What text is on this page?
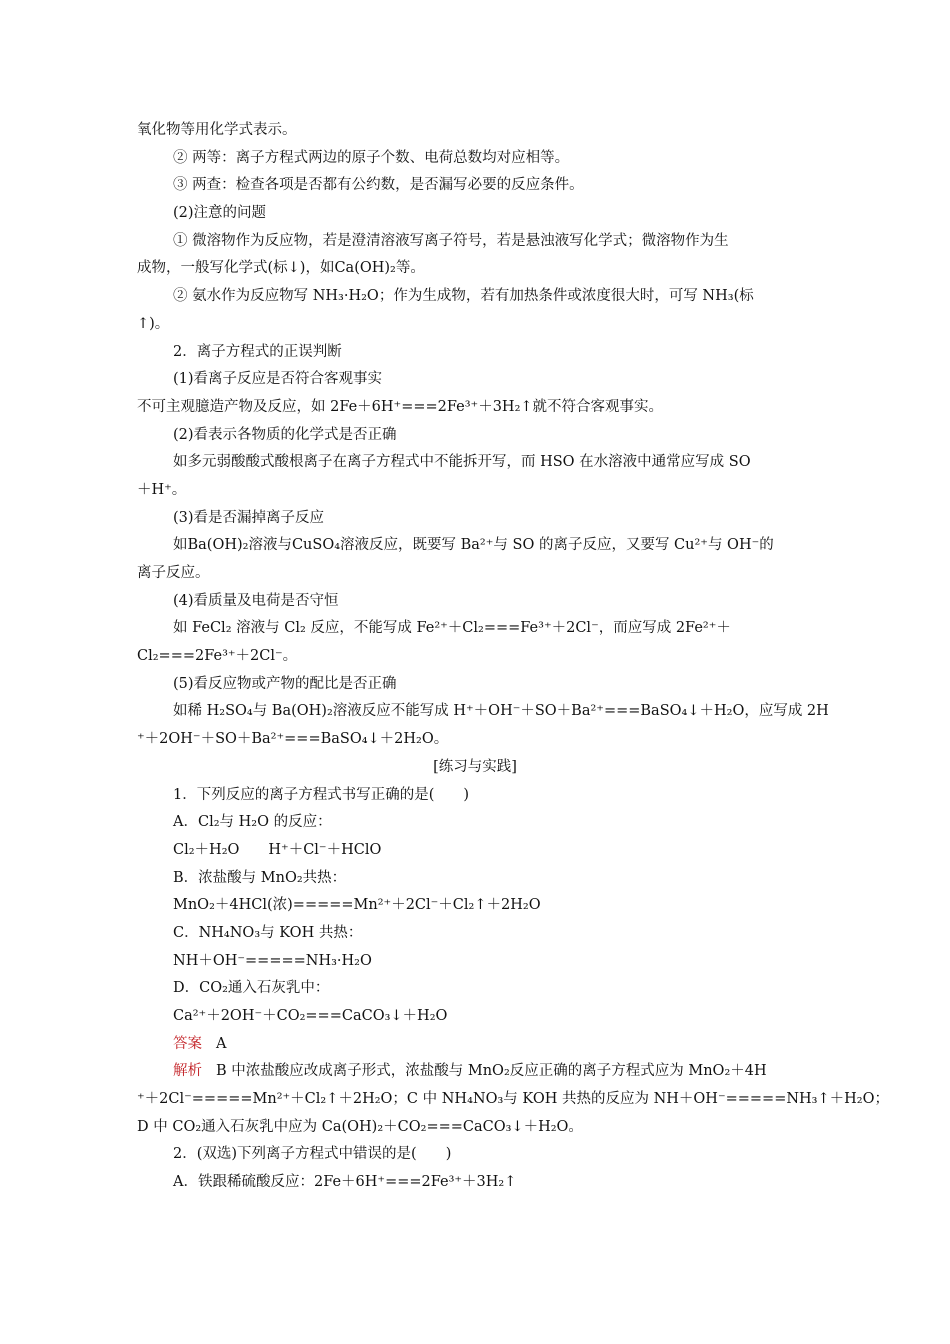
氧化物等用化学式表示。
② 两等：离子方程式两边的原子个数、电荷总数均对应相等。
③ 两查：检查各项是否都有公约数，是否漏写必要的反应条件。
(2)注意的问题
① 微溶物作为反应物，若是澄清溶液写离子符号，若是悬浊液写化学式；微溶物作为生
成物，一般写化学式(标↓)，如Ca(OH)₂等。
② 氨水作为反应物写 NH₃·H₂O；作为生成物，若有加热条件或浓度很大时，可写 NH₃(标
↑)。
2．离子方程式的正误判断
(1)看离子反应是否符合客观事实
不可主观臆造产物及反应，如 2Fe＋6H⁺===2Fe³⁺＋3H₂↑就不符合客观事实。
(2)看表示各物质的化学式是否正确
如多元弱酸酸式酸根离子在离子方程式中不能拆开写，而 HSO 在水溶液中通常应写成 SO
＋H⁺。
(3)看是否漏掉离子反应
如Ba(OH)₂溶液与CuSO₄溶液反应，既要写 Ba²⁺与 SO 的离子反应，又要写 Cu²⁺与 OH⁻的
离子反应。
(4)看质量及电荷是否守恒
如 FeCl₂ 溶液与 Cl₂ 反应，不能写成 Fe²⁺＋Cl₂===Fe³⁺＋2Cl⁻，而应写成 2Fe²⁺＋
Cl₂===2Fe³⁺＋2Cl⁻。
(5)看反应物或产物的配比是否正确
如稀 H₂SO₄与 Ba(OH)₂溶液反应不能写成 H⁺＋OH⁻＋SO＋Ba²⁺===BaSO₄↓＋H₂O，应写成 2H
⁺＋2OH⁻＋SO＋Ba²⁺===BaSO₄↓＋2H₂O。
[练习与实践]
1．下列反应的离子方程式书写正确的是(　　)
A．Cl₂与 H₂O 的反应：
Cl₂＋H₂O　　H⁺＋Cl⁻＋HClO
B．浓盐酸与 MnO₂共热：
MnO₂＋4HCl(浓)=====Mn²⁺＋2Cl⁻＋Cl₂↑＋2H₂O
C．NH₄NO₃与 KOH 共热：
NH＋OH⁻=====NH₃·H₂O
D．CO₂通入石灰乳中：
Ca²⁺＋2OH⁻＋CO₂===CaCO₃↓＋H₂O
答案 A
解析 B 中浓盐酸应改成离子形式，浓盐酸与 MnO₂反应正确的离子方程式应为 MnO₂＋4H
⁺＋2Cl⁻=====Mn²⁺＋Cl₂↑＋2H₂O；C 中 NH₄NO₃与 KOH 共热的反应为 NH＋OH⁻=====NH₃↑＋H₂O；
D 中 CO₂通入石灰乳中应为 Ca(OH)₂＋CO₂===CaCO₃↓＋H₂O。
2．(双选)下列离子方程式中错误的是(　　)
A．铁跟稀硫酸反应：2Fe＋6H⁺===2Fe³⁺＋3H₂↑
